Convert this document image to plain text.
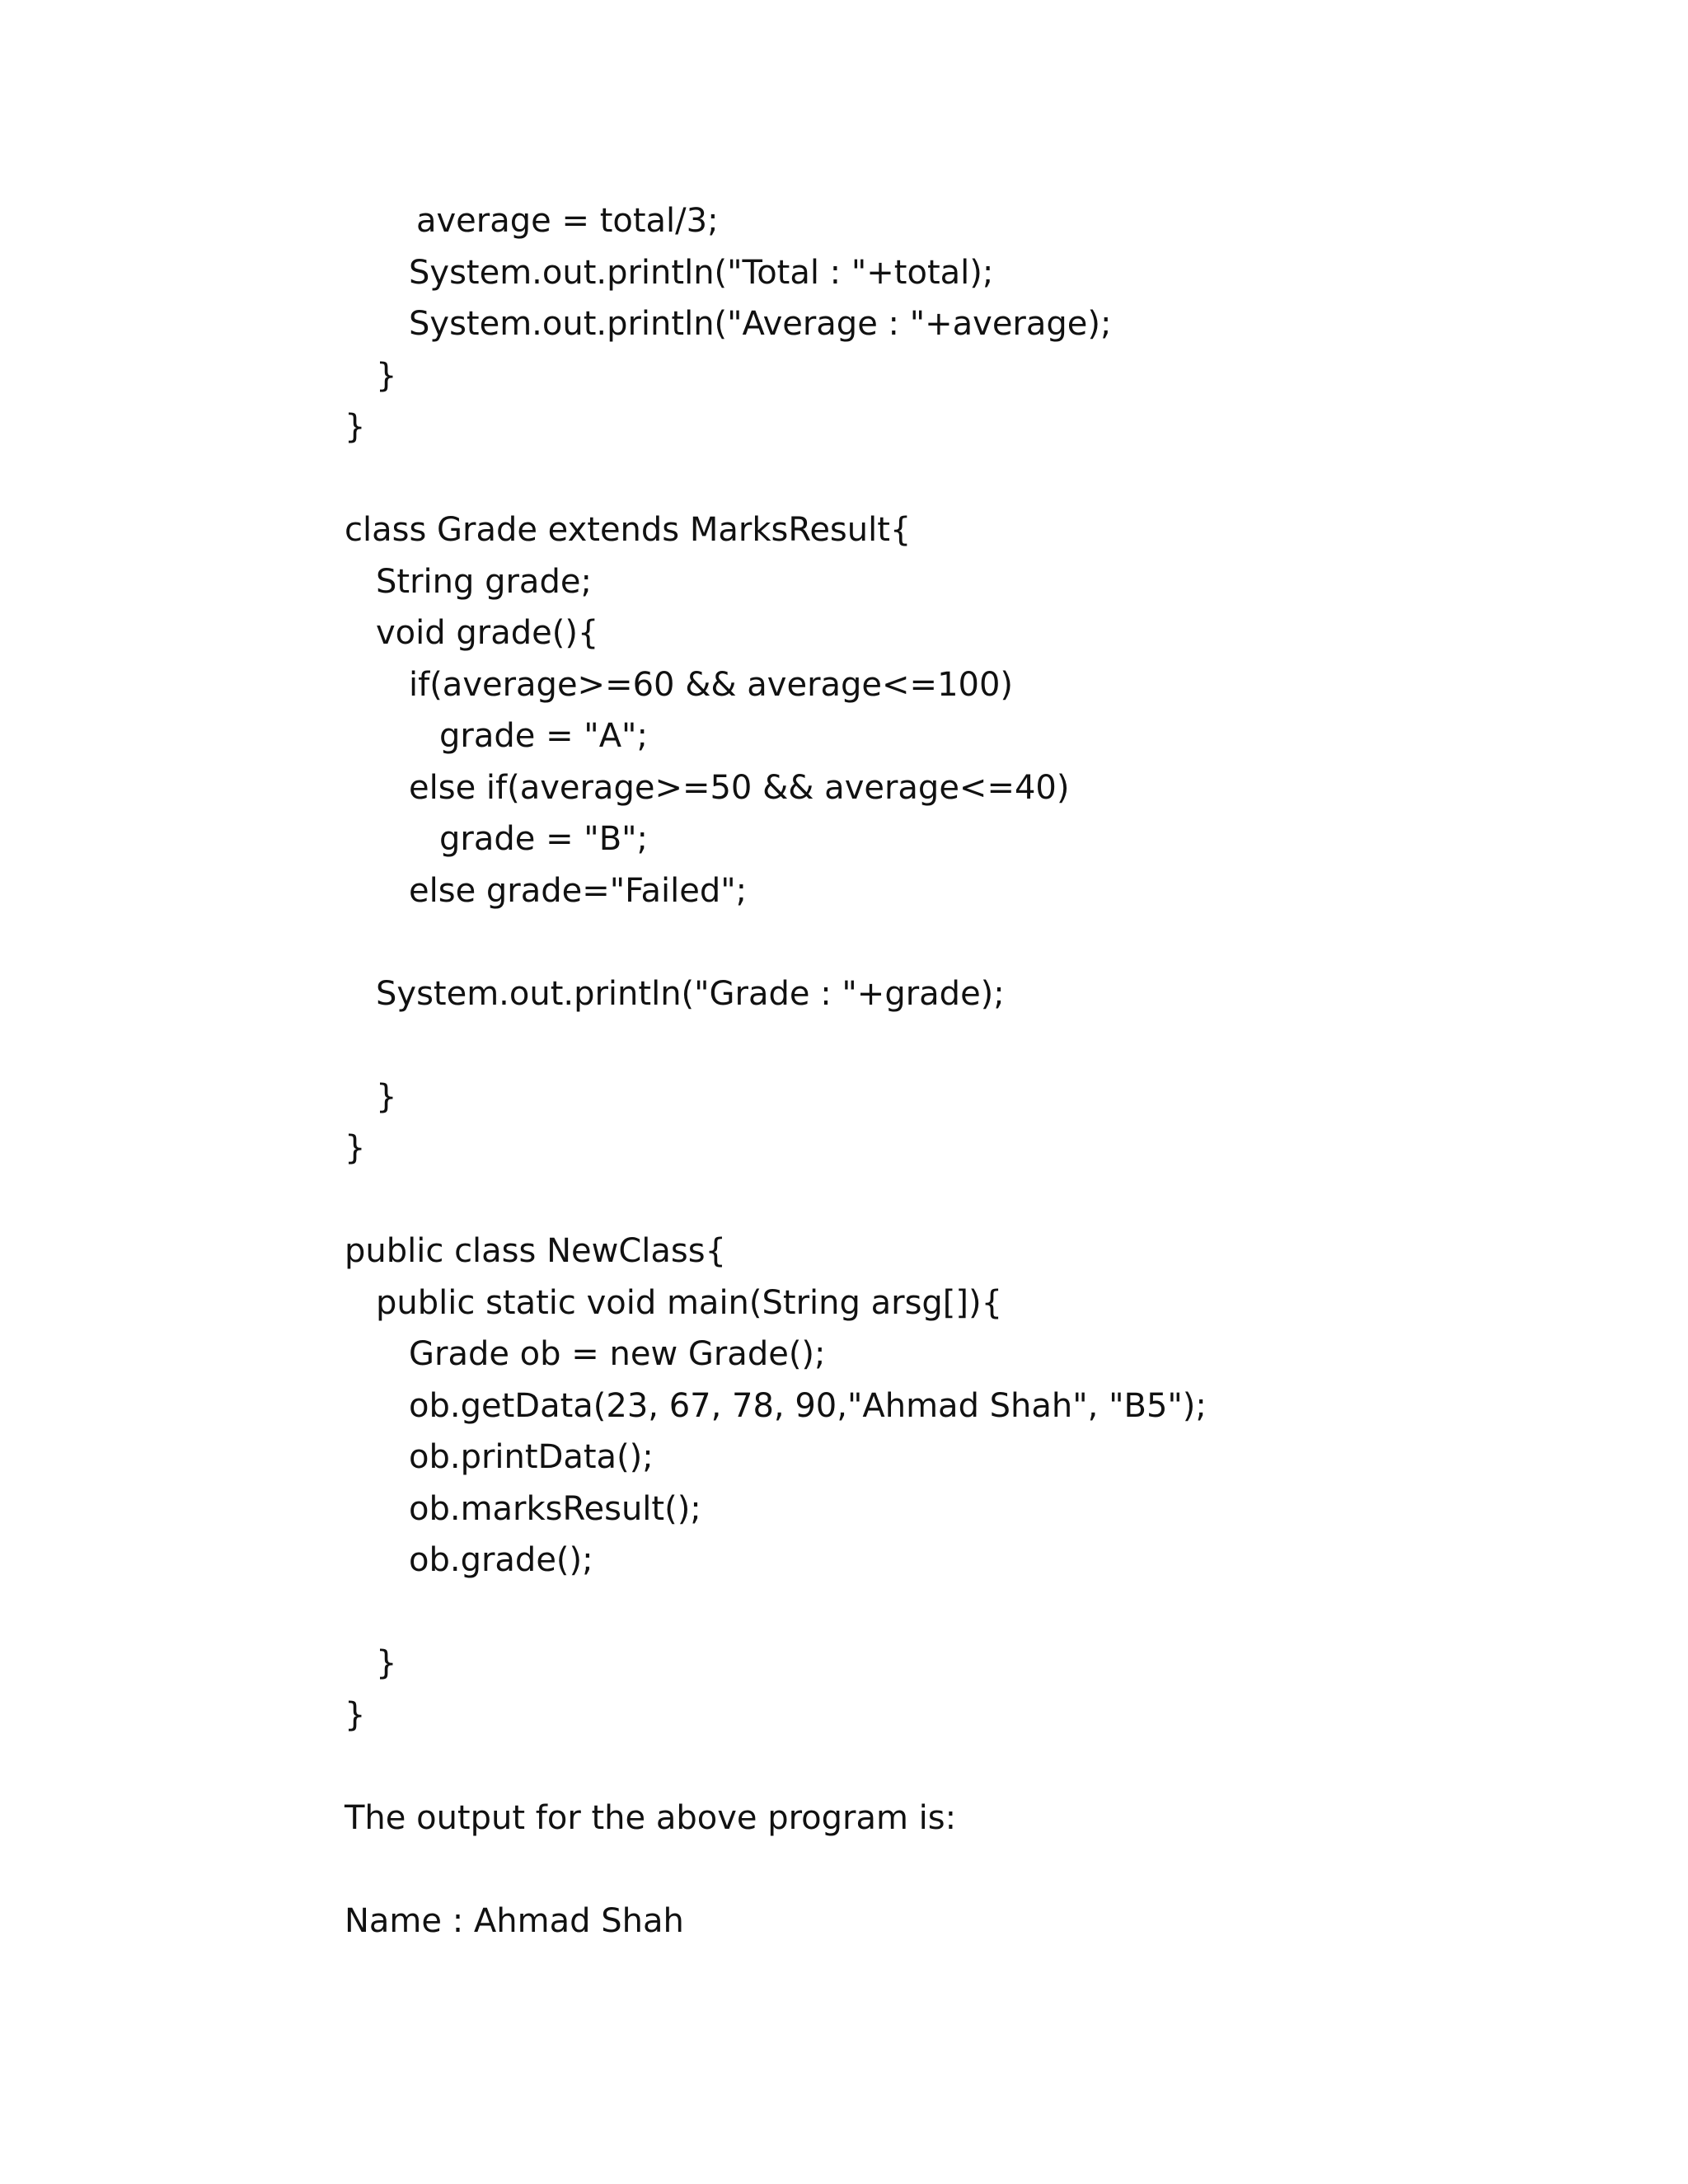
average = total/3;
System.out.println("Total : "+total);
System.out.println("Average : "+average);
}
}
class Grade extends MarksResult{
String grade;
void grade(){
if(average>=60 && average<=100)
grade = "A";
else if(average>=50 && average<=40)
grade = "B";
else grade="Failed";
System.out.println("Grade : "+grade);
}
}
public class NewClass{
public static void main(String arsg[]){
Grade ob = new Grade();
ob.getData(23, 67, 78, 90,"Ahmad Shah", "B5");
ob.printData();
ob.marksResult();
ob.grade();
}
}
The output for the above program is:
Name : Ahmad Shah
